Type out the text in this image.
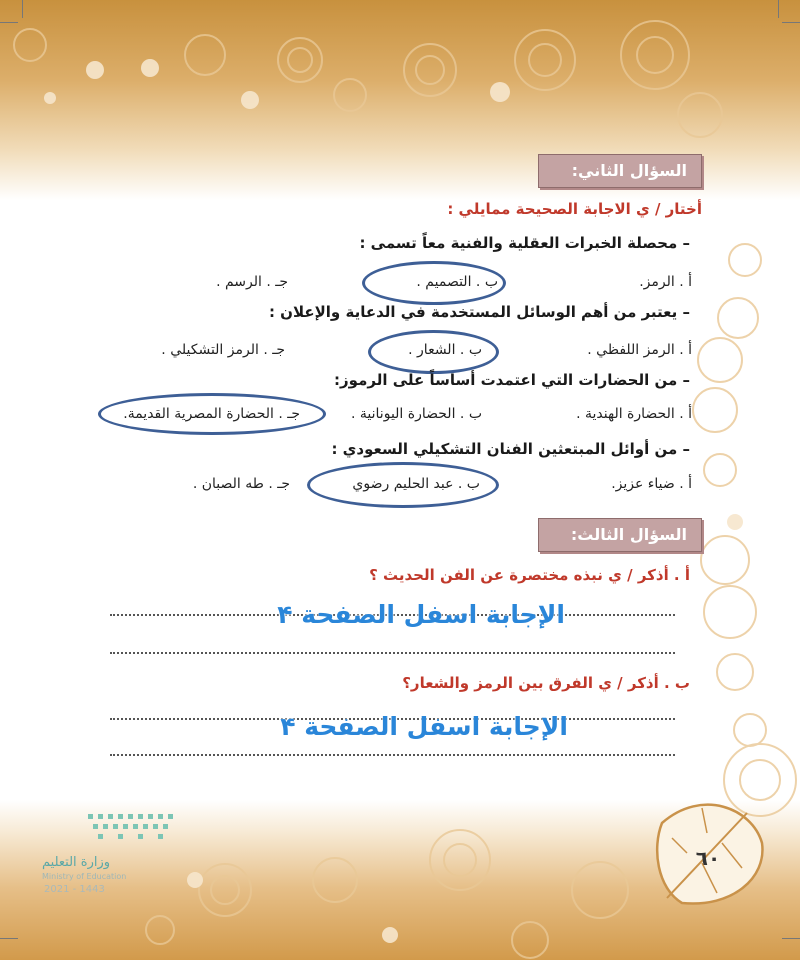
السؤال الثاني:
أختار / ي الاجابة الصحيحة ممايلي :
– محصلة الخبرات العقلية والفنية معاً تسمى :
أ . الرمز.
ب . التصميم .
جـ . الرسم .
– يعتبر من أهم الوسائل المستخدمة في الدعاية والإعلان :
أ . الرمز اللفظي .
ب . الشعار .
جـ . الرمز التشكيلي .
– من الحضارات التي اعتمدت أساساً على الرموز:
أ . الحضارة الهندية .
ب . الحضارة اليونانية .
جـ . الحضارة المصرية القديمة.
– من أوائل المبتعثين الفنان التشكيلي السعودي :
أ . ضياء عزيز.
ب . عبد الحليم رضوي
جـ . طه الصبان .
السؤال الثالث:
أ . أذكر / ي نبذه مختصرة عن الفن الحديث ؟
الإجابة اسفل الصفحة ۴
ب . أذكر / ي الفرق بين الرمز والشعار؟
الإجابة اسفل الصفحة ۴
٦٠
وزارة التعليم
Ministry of Education
2021 - 1443
